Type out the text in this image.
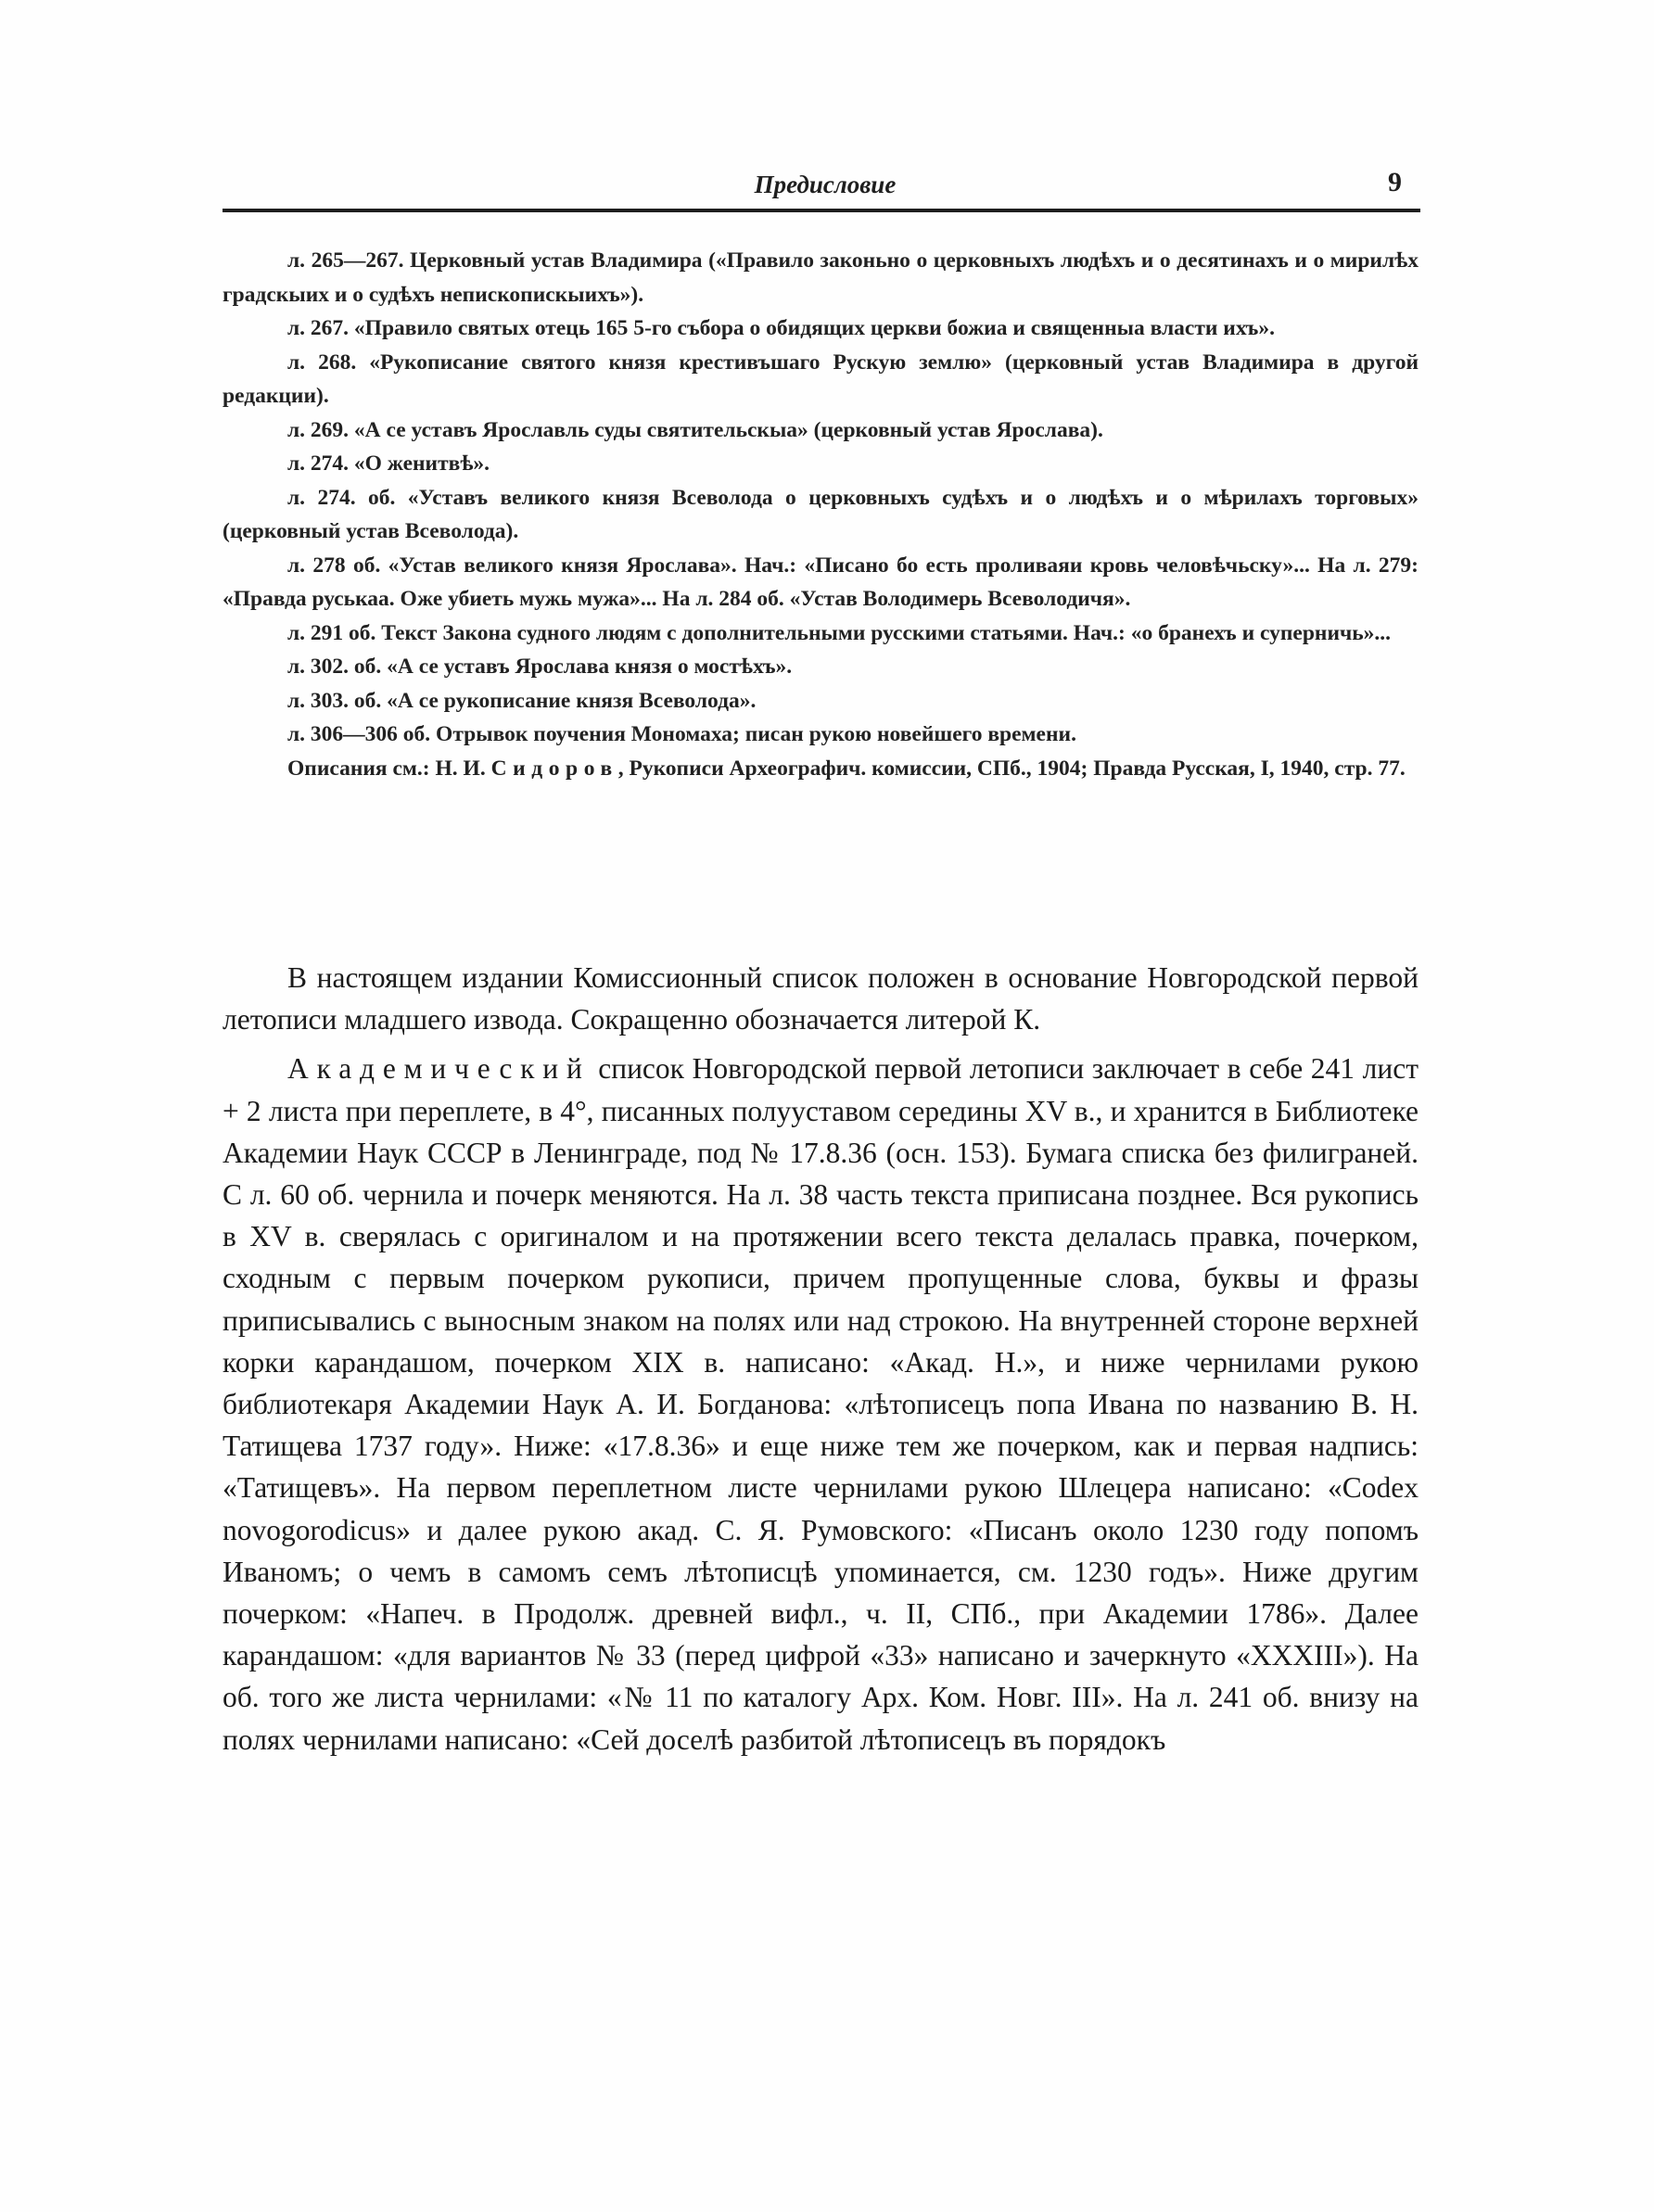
Предисловие	9

л. 265—267. Церковный устав Владимира («Правило законьно о церковныхъ людѣхъ и о десятинахъ и о мирилѣх градскыих и о судѣхъ непископискыихъ»).

л. 267. «Правило святых отець 165 5-го събора о обидящих церкви божиа и священныа власти ихъ».

л. 268. «Рукописание святого князя крестивъшаго Рускую землю» (церковный устав Владимира в другой редакции).

л. 269. «А се уставъ Ярославль суды святительскыа» (церковный устав Ярослава).

л. 274. «О женитвѣ».

л. 274. об. «Уставъ великого князя Всеволода о церковныхъ судѣхъ и о людѣхъ и о мѣрилахъ торговых» (церковный устав Всеволода).

л. 278 об. «Устав великого князя Ярослава». Нач.: «Писано бо есть проливаяи кровь человѣчьску»... На л. 279: «Правда руськаа. Оже убиеть мужь мужа»... На л. 284 об. «Устав Володимерь Всеволодичя».

л. 291 об. Текст Закона судного людям с дополнительными русскими статьями. Нач.: «о бранехъ и суперничь»...

л. 302. об. «А се уставъ Ярослава князя о мостѣхъ».

л. 303. об. «А се рукописание князя Всеволода».

л. 306—306 об. Отрывок поучения Мономаха; писан рукою новейшего времени.

Описания см.: Н. И. Сидоров, Рукописи Археографич. комиссии, СПб., 1904; Правда Русская, I, 1940, стр. 77.

В настоящем издании Комиссионный список положен в основание Новгородской первой летописи младшего извода. Сокращенно обозначается литерой К.

Академический список Новгородской первой летописи заключает в себе 241 лист + 2 листа при переплете, в 4°, писанных полууставом середины XV в., и хранится в Библиотеке Академии Наук СССР в Ленинграде, под № 17.8.36 (осн. 153). Бумага списка без филиграней. С л. 60 об. чернила и почерк меняются. На л. 38 часть текста приписана позднее. Вся рукопись в XV в. сверялась с оригиналом и на протяжении всего текста делалась правка, почерком, сходным с первым почерком рукописи, причем пропущенные слова, буквы и фразы приписывались с выносным знаком на полях или над строкою. На внутренней стороне верхней корки карандашом, почерком XIX в. написано: «Акад. Н.», и ниже чернилами рукою библиотекаря Академии Наук А. И. Богданова: «лѣтописецъ попа Ивана по названию В. Н. Татищева 1737 году». Ниже: «17.8.36» и еще ниже тем же почерком, как и первая надпись: «Татищевъ». На первом переплетном листе чернилами рукою Шлецера написано: «Codex novogorodicus» и далее рукою акад. С. Я. Румовского: «Писанъ около 1230 году попомъ Иваномъ; о чемъ в самомъ семъ лѣтописцѣ упоминается, см. 1230 годъ». Ниже другим почерком: «Напеч. в Продолж. древней вифл., ч. II, СПб., при Академии 1786». Далее карандашом: «для вариантов № 33 (перед цифрой «33» написано и зачеркнуто «XXXIII»). На об. того же листа чернилами: «№ 11 по каталогу Арх. Ком. Новг. III». На л. 241 об. внизу на полях чернилами написано: «Сей доселѣ разбитой лѣтописецъ въ порядокъ
